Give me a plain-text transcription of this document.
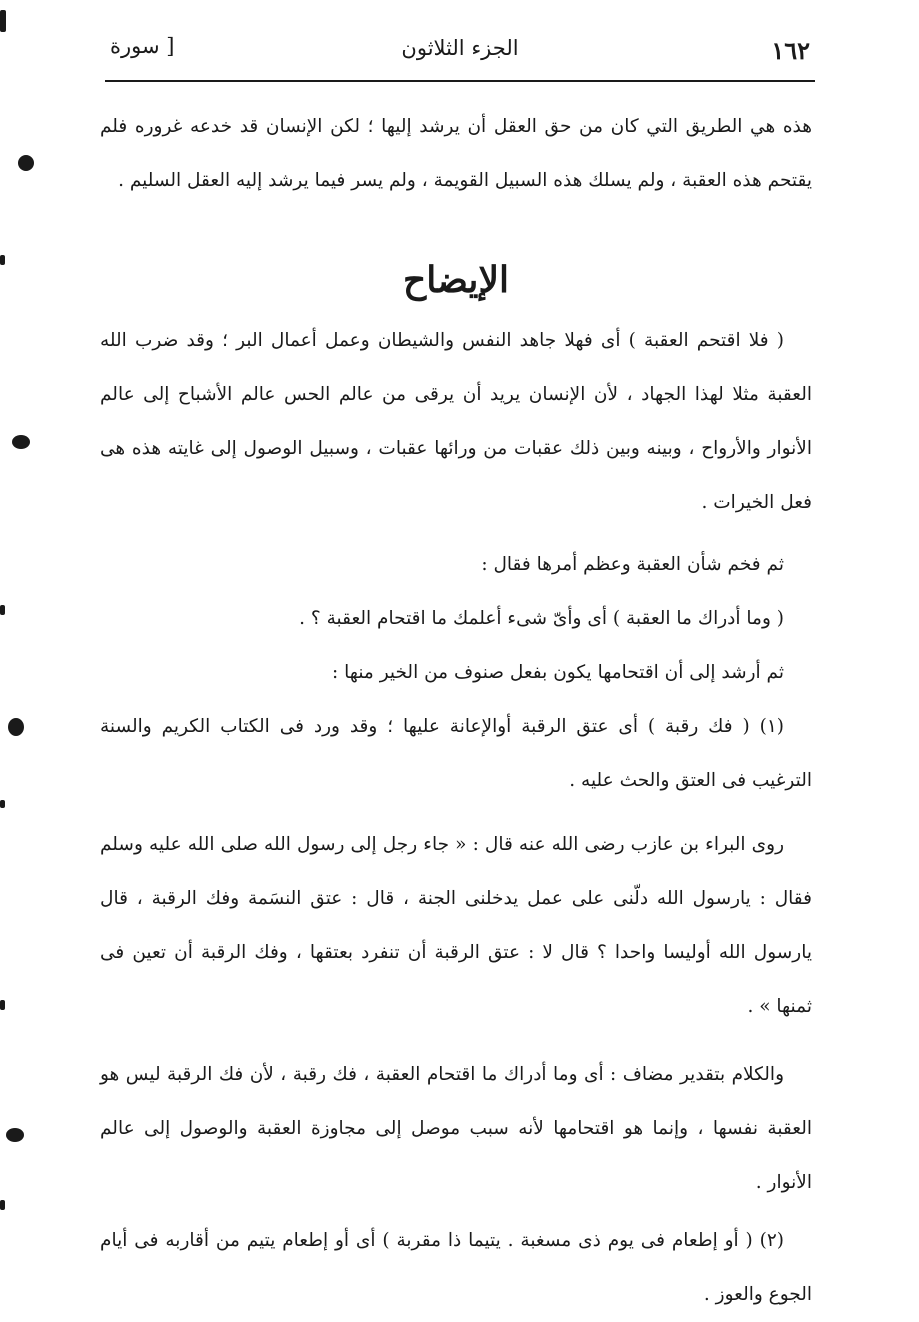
١٦٢
الجزء الثلاثون
[ سورة

هذه هي الطريق التي كان من حق العقل أن يرشد إليها ؛ لكن الإنسان قد خدعه غروره فلم يقتحم هذه العقبة ، ولم يسلك هذه السبيل القويمة ، ولم يسر فيما يرشد إليه العقل السليم .

الإيضاح

( فلا اقتحم العقبة ) أى فهلا جاهد النفس والشيطان وعمل أعمال البر ؛ وقد ضرب الله العقبة مثلا لهذا الجهاد ، لأن الإنسان يريد أن يرقى من عالم الحس عالم الأشباح إلى عالم الأنوار والأرواح ، وبينه وبين ذلك عقبات من ورائها عقبات ، وسبيل الوصول إلى غايته هذه هى فعل الخيرات .

ثم فخم شأن العقبة وعظم أمرها فقال :

( وما أدراك ما العقبة ) أى وأىّ شىء أعلمك ما اقتحام العقبة ؟ .

ثم أرشد إلى أن اقتحامها يكون بفعل صنوف من الخير منها :

(١) ( فك رقبة ) أى عتق الرقبة أوالإعانة عليها ؛ وقد ورد فى الكتاب الكريم والسنة الترغيب فى العتق والحث عليه .

روى البراء بن عازب رضى الله عنه قال : « جاء رجل إلى رسول الله صلى الله عليه وسلم فقال : يارسول الله دلّنى على عمل يدخلنى الجنة ، قال : عتق النسَمة وفك الرقبة ، قال يارسول الله أوليسا واحدا ؟ قال لا : عتق الرقبة أن تنفرد بعتقها ، وفك الرقبة أن تعين فى ثمنها » .

والكلام بتقدير مضاف : أى وما أدراك ما اقتحام العقبة ، فك رقبة ، لأن فك الرقبة ليس هو العقبة نفسها ، وإنما هو اقتحامها لأنه سبب موصل إلى مجاوزة العقبة والوصول إلى عالم الأنوار .

(٢) ( أو إطعام فى يوم ذى مسغبة . يتيما ذا مقربة ) أى أو إطعام يتيم من أقاربه فى أيام الجوع والعوز .
